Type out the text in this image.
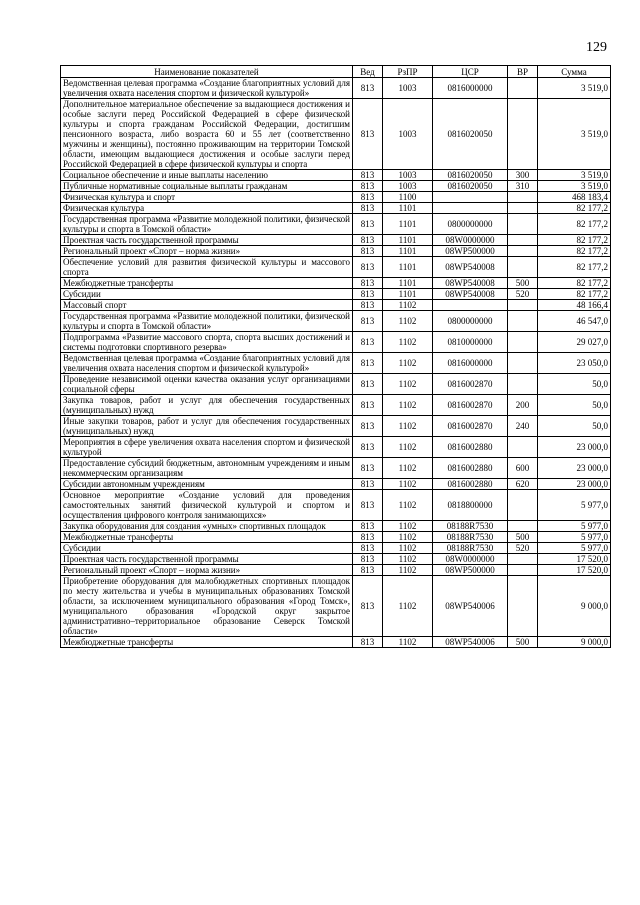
129
Наименование показателей	Вед	РзПР	ЦСР	ВР	Сумма
Ведомственная целевая программа «Создание благоприятных условий для увеличения охвата населения спортом и физической культурой»	813	1003	0816000000		3 519,0
Дополнительное материальное обеспечение за выдающиеся достижения и особые заслуги перед Российской Федерацией в сфере физической культуры и спорта гражданам Российской Федерации, достигшим пенсионного возраста, либо возраста 60 и 55 лет (соответственно мужчины и женщины), постоянно проживающим на территории Томской области, имеющим выдающиеся достижения и особые заслуги перед Российской Федерацией в сфере физической культуры и спорта	813	1003	0816020050		3 519,0
Социальное обеспечение и иные выплаты населению	813	1003	0816020050	300	3 519,0
Публичные нормативные социальные выплаты гражданам	813	1003	0816020050	310	3 519,0
Физическая культура и спорт	813	1100			468 183,4
Физическая культура	813	1101			82 177,2
Государственная программа «Развитие молодежной политики, физической культуры и спорта в Томской области»	813	1101	0800000000		82 177,2
Проектная часть государственной программы	813	1101	08W0000000		82 177,2
Региональный проект «Спорт – норма жизни»	813	1101	08WP500000		82 177,2
Обеспечение условий для развития физической культуры и массового спорта	813	1101	08WP540008		82 177,2
Межбюджетные трансферты	813	1101	08WP540008	500	82 177,2
Субсидии	813	1101	08WP540008	520	82 177,2
Массовый спорт	813	1102			48 166,4
Государственная программа «Развитие молодежной политики, физической культуры и спорта в Томской области»	813	1102	0800000000		46 547,0
Подпрограмма «Развитие массового спорта, спорта высших достижений и системы подготовки спортивного резерва»	813	1102	0810000000		29 027,0
Ведомственная целевая программа «Создание благоприятных условий для увеличения охвата населения спортом и физической культурой»	813	1102	0816000000		23 050,0
Проведение независимой оценки качества оказания услуг организациями социальной сферы	813	1102	0816002870		50,0
Закупка товаров, работ и услуг для обеспечения государственных (муниципальных) нужд	813	1102	0816002870	200	50,0
Иные закупки товаров, работ и услуг для обеспечения государственных (муниципальных) нужд	813	1102	0816002870	240	50,0
Мероприятия в сфере увеличения охвата населения спортом и физической культурой	813	1102	0816002880		23 000,0
Предоставление субсидий бюджетным, автономным учреждениям и иным некоммерческим организациям	813	1102	0816002880	600	23 000,0
Субсидии автономным учреждениям	813	1102	0816002880	620	23 000,0
Основное мероприятие «Создание условий для проведения самостоятельных занятий физической культурой и спортом и осуществления цифрового контроля занимающихся»	813	1102	0818800000		5 977,0
Закупка оборудования для создания «умных» спортивных площадок	813	1102	08188R7530		5 977,0
Межбюджетные трансферты	813	1102	08188R7530	500	5 977,0
Субсидии	813	1102	08188R7530	520	5 977,0
Проектная часть государственной программы	813	1102	08W0000000		17 520,0
Региональный проект «Спорт – норма жизни»	813	1102	08WP500000		17 520,0
Приобретение оборудования для малобюджетных спортивных площадок по месту жительства и учебы в муниципальных образованиях Томской области, за исключением муниципального образования «Город Томск», муниципального образования «Городской округ закрытое административно–территориальное образование Северск Томской области»	813	1102	08WP540006		9 000,0
Межбюджетные трансферты	813	1102	08WP540006	500	9 000,0
